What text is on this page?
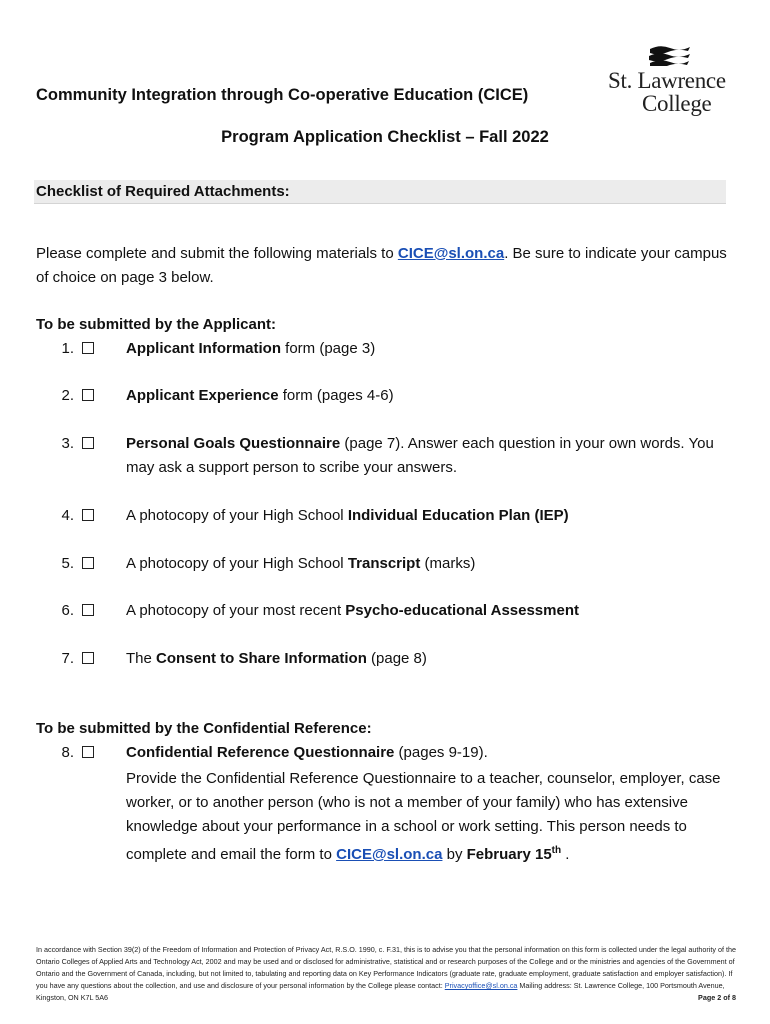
St. Lawrence
College
Community Integration through Co-operative Education (CICE)
Program Application Checklist – Fall 2022
Checklist of Required Attachments:
Please complete and submit the following materials to CICE@sl.on.ca. Be sure to indicate your campus of choice on page 3 below.
To be submitted by the Applicant:
1.	Applicant Information form (page 3)
2.	Applicant Experience form (pages 4-6)
3.	Personal Goals Questionnaire (page 7). Answer each question in your own words. You may ask a support person to scribe your answers.
4.	A photocopy of your High School Individual Education Plan (IEP)
5.	A photocopy of your High School Transcript (marks)
6.	A photocopy of your most recent Psycho-educational Assessment
7.	The Consent to Share Information (page 8)
To be submitted by the Confidential Reference:
8.	Confidential Reference Questionnaire (pages 9-19).
Provide the Confidential Reference Questionnaire to a teacher, counselor, employer, case worker, or to another person (who is not a member of your family) who has extensive knowledge about your performance in a school or work setting. This person needs to complete and email the form to CICE@sl.on.ca by February 15th .
In accordance with Section 39(2) of the Freedom of Information and Protection of Privacy Act, R.S.O. 1990, c. F.31, this is to advise you that the personal information on this form is collected under the legal authority of the Ontario Colleges of Applied Arts and Technology Act, 2002 and may be used and or disclosed for administrative, statistical and or research purposes of the College and or the ministries and agencies of the Government of Ontario and the Government of Canada, including, but not limited to, tabulating and reporting data on Key Performance Indicators (graduate rate, graduate employment, graduate satisfaction and employer satisfaction). If you have any questions about the collection, and use and disclosure of your personal information by the College please contact: Privacyoffice@sl.on.ca Mailing address: St. Lawrence College, 100 Portsmouth Avenue, Kingston, ON K7L 5A6	Page 2 of 8
